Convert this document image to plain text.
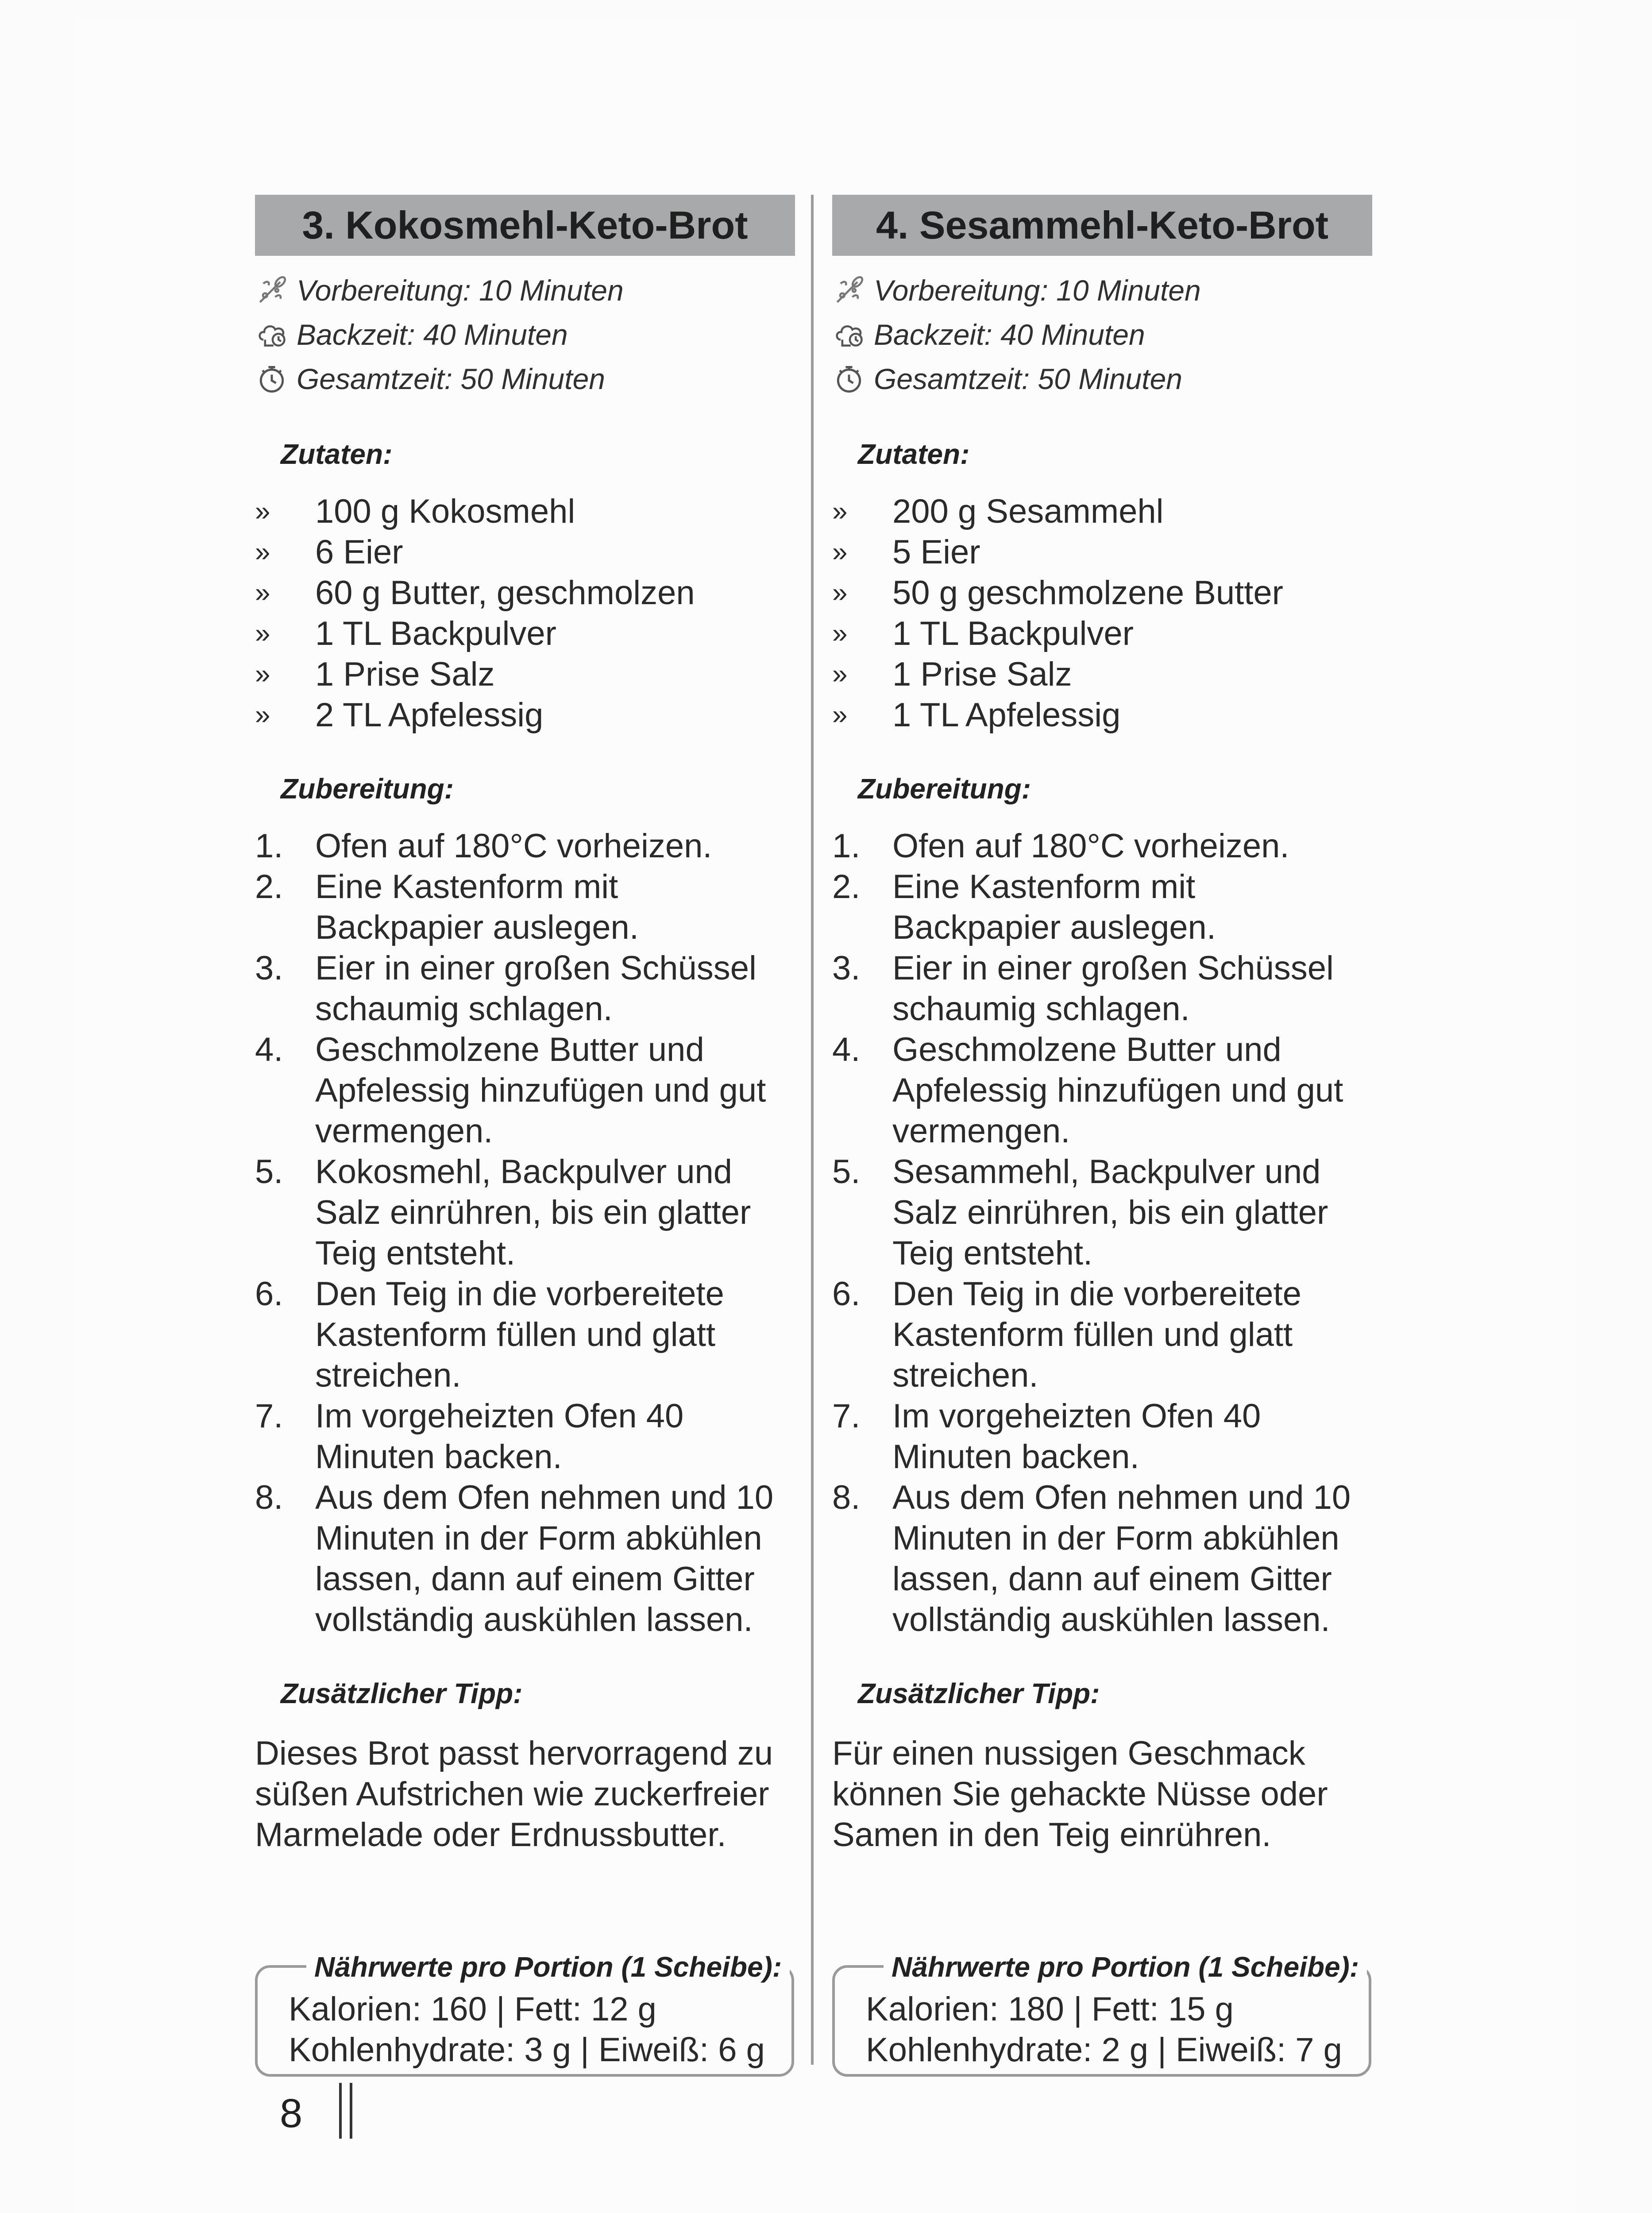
3. Kokosmehl-Keto-Brot
Vorbereitung: 10 Minuten
Backzeit: 40 Minuten
Gesamtzeit: 50 Minuten
Zutaten:
»	100 g Kokosmehl
»	6 Eier
»	60 g Butter, geschmolzen
»	1 TL Backpulver
»	1 Prise Salz
»	2 TL Apfelessig
Zubereitung:
1. Ofen auf 180°C vorheizen.
2. Eine Kastenform mit Backpapier auslegen.
3. Eier in einer großen Schüssel schaumig schlagen.
4. Geschmolzene Butter und Apfelessig hinzufügen und gut vermengen.
5. Kokosmehl, Backpulver und Salz einrühren, bis ein glatter Teig entsteht.
6. Den Teig in die vorbereitete Kastenform füllen und glatt streichen.
7. Im vorgeheizten Ofen 40 Minuten backen.
8. Aus dem Ofen nehmen und 10 Minuten in der Form abkühlen lassen, dann auf einem Gitter vollständig auskühlen lassen.
Zusätzlicher Tipp:
Dieses Brot passt hervorragend zu süßen Aufstrichen wie zuckerfreier Marmelade oder Erdnussbutter.
Nährwerte pro Portion (1 Scheibe):
Kalorien: 160 | Fett: 12 g
Kohlenhydrate: 3 g | Eiweiß: 6 g
4. Sesammehl-Keto-Brot
Vorbereitung: 10 Minuten
Backzeit: 40 Minuten
Gesamtzeit: 50 Minuten
Zutaten:
»	200 g Sesammehl
»	5 Eier
»	50 g geschmolzene Butter
»	1 TL Backpulver
»	1 Prise Salz
»	1 TL Apfelessig
Zubereitung:
1. Ofen auf 180°C vorheizen.
2. Eine Kastenform mit Backpapier auslegen.
3. Eier in einer großen Schüssel schaumig schlagen.
4. Geschmolzene Butter und Apfelessig hinzufügen und gut vermengen.
5. Sesammehl, Backpulver und Salz einrühren, bis ein glatter Teig entsteht.
6. Den Teig in die vorbereitete Kastenform füllen und glatt streichen.
7. Im vorgeheizten Ofen 40 Minuten backen.
8. Aus dem Ofen nehmen und 10 Minuten in der Form abkühlen lassen, dann auf einem Gitter vollständig auskühlen lassen.
Zusätzlicher Tipp:
Für einen nussigen Geschmack können Sie gehackte Nüsse oder Samen in den Teig einrühren.
Nährwerte pro Portion (1 Scheibe):
Kalorien: 180 | Fett: 15 g
Kohlenhydrate: 2 g | Eiweiß: 7 g
8
